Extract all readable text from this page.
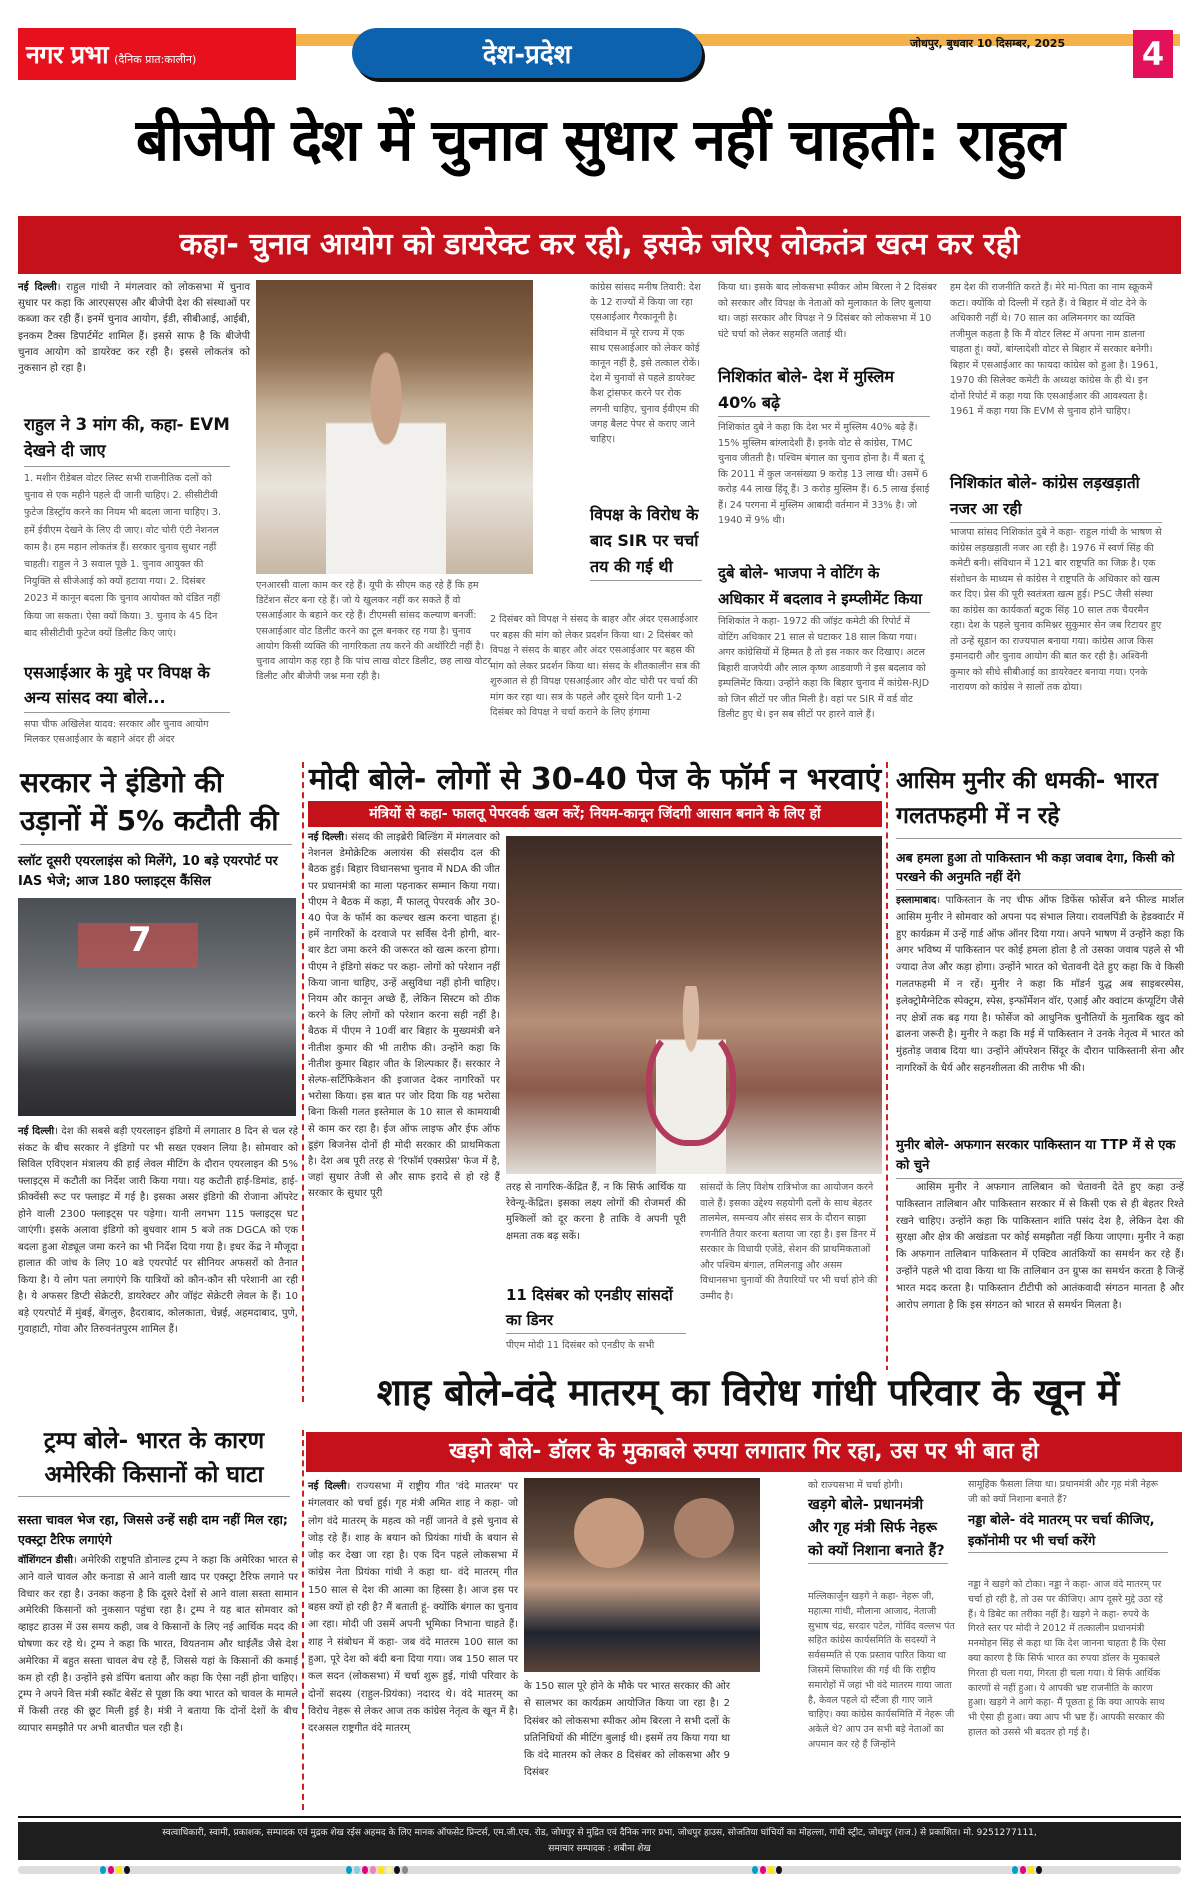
नगर प्रभा (दैनिक प्रात:कालीन)	देश-प्रदेश	जोधपुर, बुधवार 10 दिसम्बर, 2025 4
बीजेपी देश में चुनाव सुधार नहीं चाहती: राहुल
कहा- चुनाव आयोग को डायरेक्ट कर रही, इसके जरिए लोकतंत्र खत्म कर रही
नई दिल्ली। राहुल गांधी ने मंगलवार को लोकसभा में चुनाव सुधार पर कहा कि आरएसएस और बीजेपी देश की संस्थाओं पर कब्जा कर रही हैं। इनमें चुनाव आयोग, ईडी, सीबीआई, आईबी, इनकम टैक्स डिपार्टमेंट शामिल हैं। इससे साफ है कि बीजेपी चुनाव आयोग को डायरेक्ट कर रही है। इससे लोकतंत्र को नुकसान हो रहा है।
राहुल ने 3 मांग की, कहा- EVM देखने दी जाए
1. मशीन रीडेबल वोटर लिस्ट सभी राजनीतिक दलों को चुनाव से एक महीने पहले दी जानी चाहिए। 2. सीसीटीवी फुटेज डिस्ट्रॉय करने का नियम भी बदला जाना चाहिए। 3. हमें ईवीएम देखने के लिए दी जाए। वोट चोरी एंटी नेशनल काम है। हम महान लोकतंत्र हैं। सरकार चुनाव सुधार नहीं चाहती। राहुल ने 3 सवाल पूछे 1. चुनाव आयुक्त की नियुक्ति से सीजेआई को क्यों हटाया गया। 2. दिसंबर 2023 में कानून बदला कि चुनाव आयोक्त को दंडित नहीं किया जा सकता। ऐसा क्यों किया। 3. चुनाव के 45 दिन बाद सीसीटीवी फुटेज क्यों डिलीट किए जाएं।
एसआईआर के मुद्दे पर विपक्ष के अन्य सांसद क्या बोले...
सपा चीफ अखिलेश यादव: सरकार और चुनाव आयोग मिलकर एसआईआर के बहाने अंदर ही अंदर
एनआरसी वाला काम कर रहे हैं। यूपी के सीएम कह रहे हैं कि हम डिटेंशन सेंटर बना रहे हैं। जो ये खुलकर नहीं कर सकते हैं वो एसआईआर के बहाने कर रहे हैं। टीएमसी सांसद कल्याण बनर्जी: एसआईआर वोट डिलीट करने का टूल बनकर रह गया है। चुनाव आयोग किसी व्यक्ति की नागरिकता तय करने की अथॉरिटी नहीं है। चुनाव आयोग कह रहा है कि पांच लाख वोटर डिलीट, छह लाख वोटर डिलीट और बीजेपी जश्न मना रही है।
कांग्रेस सांसद मनीष तिवारी: देश के 12 राज्यों में किया जा रहा एसआईआर गैरकानूनी है। संविधान में पूरे राज्य में एक साथ एसआईआर को लेकर कोई कानून नहीं है, इसे तत्काल रोकें। देश में चुनावों से पहले डायरेक्ट कैश ट्रांसफर करने पर रोक लगनी चाहिए, चुनाव ईवीएम की जगह बैलट पेपर से कराए जाने चाहिए।
विपक्ष के विरोध के बाद SIR पर चर्चा तय की गई थी
2 दिसंबर को विपक्ष ने संसद के बाहर और अंदर एसआईआर पर बहस की मांग को लेकर प्रदर्शन किया था। 2 दिसंबर को विपक्ष ने संसद के बाहर और अंदर एसआईआर पर बहस की मांग को लेकर प्रदर्शन किया था। संसद के शीतकालीन सत्र की शुरुआत से ही विपक्ष एसआईआर और वोट चोरी पर चर्चा की मांग कर रहा था। सत्र के पहले और दूसरे दिन यानी 1-2 दिसंबर को विपक्ष ने चर्चा कराने के लिए हंगामा
किया था। इसके बाद लोकसभा स्पीकर ओम बिरला ने 2 दिसंबर को सरकार और विपक्ष के नेताओं को मुलाकात के लिए बुलाया था। जहां सरकार और विपक्ष ने 9 दिसंबर को लोकसभा में 10 घंटे चर्चा को लेकर सहमति जताई थी।
निशिकांत बोले- देश में मुस्लिम 40% बढ़े
निशिकांत दुबे ने कहा कि देश भर में मुस्लिम 40% बढ़े हैं। 15% मुस्लिम बांग्लादेशी हैं। इनके वोट से कांग्रेस, TMC चुनाव जीतती है। पश्चिम बंगाल का चुनाव होना है। मैं बता दूं कि 2011 में कुल जनसंख्या 9 करोड़ 13 लाख थी। उसमें 6 करोड़ 44 लाख हिंदू हैं। 3 करोड़ मुस्लिम हैं। 6.5 लाख ईसाई हैं। 24 परगना में मुस्लिम आबादी वर्तमान में 33% है। जो 1940 में 9% थी।
दुबे बोले- भाजपा ने वोटिंग के अधिकार में बदलाव ने इम्प्लीमेंट किया
निशिकांत ने कहा- 1972 की जॉइंट कमेटी की रिपोर्ट में वोटिंग अधिकार 21 साल से घटाकर 18 साल किया गया। अगर कांग्रेसियों में हिम्मत है तो इस नकार कर दिखाए। अटल बिहारी वाजपेयी और लाल कृष्ण आडवाणी ने इस बदलाव को इम्पलिमेंट किया। उन्होंने कहा कि बिहार चुनाव में कांग्रेस-RJD को जिन सीटों पर जीत मिली है। वहां पर SIR में वर्ड वोट डिलीट हुए थे। इन सब सीटों पर हारने वाले हैं।
हम देश की राजनीति करते हैं। मेरे मां-पिता का नाम स्क्रूकमें कटा। क्योंकि वो दिल्ली में रहते हैं। वे बिहार में वोट देने के अधिकारी नहीं थे। 70 साल का अलिमनगर का व्यक्ति तजीमुल कहता है कि मैं वोटर लिस्ट में अपना नाम डालना चाहता हूं। क्यों, बांग्लादेशी वोटर से बिहार में सरकार बनेगी। बिहार में एसआईआर का फायदा कांग्रेस को हुआ है। 1961, 1970 की सिलेक्ट कमेटी के अध्यक्ष कांग्रेस के ही थे। इन दोनों रिपोर्ट में कहा गया कि एसआईआर की आवश्यता है। 1961 में कहा गया कि EVM से चुनाव होने चाहिए।
निशिकांत बोले- कांग्रेस लड़खड़ाती नजर आ रही
भाजपा सांसद निशिकांत दुबे ने कहा- राहुल गांधी के भाषण से कांग्रेस लड़खड़ाती नजर आ रही है। 1976 में स्वर्ण सिंह की कमेटी बनी। संविधान में 121 बार राष्ट्रपति का जिक्र है। एक संशोधन के माध्यम से कांग्रेस ने राष्ट्रपति के अधिकार को खत्म कर दिए। प्रेस की पूरी स्वतंत्रता खत्म हुई। PSC जैसी संस्था का कांग्रेस का कार्यकर्ता बटुक सिंह 10 साल तक चैयरमैन रहा। देश के पहले चुनाव कमिश्नर सुकुमार सेन जब रिटायर हुए तो उन्हें सूडान का राज्यपाल बनाया गया। कांग्रेस आज किस इमानदारी और चुनाव आयोग की बात कर रही है। अश्विनी कुमार को सीधे सीबीआई का डायरेक्टर बनाया गया। एनके नारायण को कांग्रेस ने सालों तक ढोया।
सरकार ने इंडिगो की उड़ानों में 5% कटौती की
स्लॉट दूसरी एयरलाइंस को मिलेंगे, 10 बड़े एयरपोर्ट पर IAS भेजे; आज 180 फ्लाइट्स कैंसिल
7
नई दिल्ली। देश की सबसे बड़ी एयरलाइन इंडिगो में लगातार 8 दिन से चल रहे संकट के बीच सरकार ने इंडिगो पर भी सख्त एक्शन लिया है। सोमवार को सिविल एविएशन मंत्रालय की हाई लेवल मीटिंग के दौरान एयरलाइन की 5% फ्लाइट्स में कटौती का निर्देश जारी किया गया। यह कटौती हाई-डिमांड, हाई-फ्रीक्वेंसी रूट पर फ्लाइट में गई है। इसका असर इंडिगो की रोजाना ऑपरेट होने वाली 2300 फ्लाइट्स पर पड़ेगा। यानी लगभग 115 फ्लाइट्स घट जाएंगी। इसके अलावा इंडिगो को बुधवार शाम 5 बजे तक DGCA को एक बदला हुआ शेड्यूल जमा करने का भी निर्देश दिया गया है। इधर केंद्र ने मौजूदा हालात की जांच के लिए 10 बडे एयरपोर्ट पर सीनियर अफसरों को तैनात किया है। ये लोग पता लगाएंगे कि यात्रियों को कौन-कौन सी परेशानी आ रही है। ये अफसर डिप्टी सेक्रेटरी, डायरेक्टर और जॉइंट सेक्रेटरी लेवल के हैं। 10 बड़े एयरपोर्ट में मुंबई, बेंगलुरु, हैदराबाद, कोलकाता, चेन्नई, अहमदाबाद, पुणे, गुवाहाटी, गोवा और तिरुवनंतपुरम शामिल हैं।
मोदी बोले- लोगों से 30-40 पेज के फॉर्म न भरवाएं
मंत्रियों से कहा- फालतू पेपरवर्क खत्म करें; नियम-कानून जिंदगी आसान बनाने के लिए हों
नई दिल्ली। संसद की लाइब्रेरी बिल्डिंग में मंगलवार को नेशनल डेमोक्रेटिक अलायंस की संसदीय दल की बैठक हुई। बिहार विधानसभा चुनाव में NDA की जीत पर प्रधानमंत्री का माला पहनाकर सम्मान किया गया। पीएम ने बैठक में कहा, मैं फालतू पेपरवर्क और 30-40 पेज के फॉर्म का कल्चर खत्म करना चाहता हूं। हमें नागरिकों के दरवाजे पर सर्विस देनी होगी, बार-बार डेटा जमा करने की जरूरत को खत्म करना होगा। पीएम ने इंडिगो संकट पर कहा- लोगों को परेशान नहीं किया जाना चाहिए, उन्हें असुविधा नहीं होनी चाहिए। नियम और कानून अच्छे हैं, लेकिन सिस्टम को ठीक करने के लिए लोगों को परेशान करना सही नहीं है। बैठक में पीएम ने 10वीं बार बिहार के मुख्यमंत्री बने नीतीश कुमार की भी तारीफ की। उन्होंने कहा कि नीतीश कुमार बिहार जीत के शिल्पकार हैं। सरकार ने सेल्फ-सर्टिफिकेशन की इजाजत देकर नागरिकों पर भरोसा किया। इस बात पर जोर दिया कि यह भरोसा बिना किसी गलत इस्तेमाल के 10 साल से कामयाबी से काम कर रहा है। ईज ऑफ लाइफ और ईफ ऑफ डूइंग बिजनेस दोनों ही मोदी सरकार की प्राथमिकता है। देश अब पूरी तरह से 'रिफॉर्म एक्सप्रेस' फेज में है, जहां सुधार तेजी से और साफ इरादे से हो रहे हैं सरकार के सुधार पूरी
तरह से नागरिक-केंद्रित हैं, न कि सिर्फ आर्थिक या रेवेन्यू-केंद्रित। इसका लक्ष्य लोगों की रोजमर्रा की मुश्किलों को दूर करना है ताकि वे अपनी पूरी क्षमता तक बढ़ सकें।
11 दिसंबर को एनडीए सांसदों का डिनर
पीएम मोदी 11 दिसंबर को एनडीए के सभी
सांसदों के लिए विशेष रात्रिभोज का आयोजन करने वाले हैं। इसका उद्देश्य सहयोगी दलों के साथ बेहतर तालमेल, समन्वय और संसद सत्र के दौरान साझा रणनीति तैयार करना बताया जा रहा है। इस डिनर में सरकार के विधायी एजेंडे, सेशन की प्राथमिकताओं और पश्चिम बंगाल, तमिलनाडु और असम विधानसभा चुनावों की तैयारियों पर भी चर्चा होने की उम्मीद है।
आसिम मुनीर की धमकी- भारत गलतफहमी में न रहे
अब हमला हुआ तो पाकिस्तान भी कड़ा जवाब देगा, किसी को परखने की अनुमति नहीं देंगे
इस्लामाबाद। पाकिस्तान के नए चीफ ऑफ डिफेंस फोर्सेज बने फील्ड मार्शल आसिम मुनीर ने सोमवार को अपना पद संभाल लिया। रावलपिंडी के हेडक्वार्टर में हुए कार्यक्रम में उन्हें गार्ड ऑफ ऑनर दिया गया। अपने भाषण में उन्होंने कहा कि अगर भविष्य में पाकिस्तान पर कोई हमला होता है तो उसका जवाब पहले से भी ज्यादा तेज और कड़ा होगा। उन्होंने भारत को चेतावनी देते हुए कहा कि वे किसी गलतफहमी में न रहें। मुनीर ने कहा कि मॉडर्न युद्ध अब साइबरस्पेस, इलेक्ट्रोमैग्नेटिक स्पेक्ट्रम, स्पेस, इन्फॉर्मेशन वॉर, एआई और क्वांटम कंप्यूटिंग जैसे नए क्षेत्रों तक बढ़ गया है। फोर्सेज को आधुनिक चुनौतियों के मुताबिक खुद को ढालना जरूरी है। मुनीर ने कहा कि मई में पाकिस्तान ने उनके नेतृत्व में भारत को मुंहतोड़ जवाब दिया था। उन्होंने ऑपरेशन सिंदूर के दौरान पाकिस्तानी सेना और नागरिकों के धैर्य और सहनशीलता की तारीफ भी की।
मुनीर बोले- अफगान सरकार पाकिस्तान या TTP में से एक को चुने
आसिम मुनीर ने अफगान तालिबान को चेतावनी देते हुए कहा उन्हें पाकिस्तान तालिबान और पाकिस्तान सरकार में से किसी एक से ही बेहतर रिश्ते रखने चाहिए। उन्होंने कहा कि पाकिस्तान शांति पसंद देश है, लेकिन देश की सुरक्षा और क्षेत्र की अखंडता पर कोई समझौता नहीं किया जाएगा। मुनीर ने कहा कि अफगान तालिबान पाकिस्तान में एक्टिव आतंकियों का समर्थन कर रहे हैं। उन्होंने पहले भी दावा किया था कि तालिबान उन ग्रुप्स का समर्थन करता है जिन्हें भारत मदद करता है। पाकिस्तान टीटीपी को आतंकवादी संगठन मानता है और आरोप लगाता है कि इस संगठन को भारत से समर्थन मिलता है।
शाह बोले-वंदे मातरम् का विरोध गांधी परिवार के खून में
ट्रम्प बोले- भारत के कारण अमेरिकी किसानों को घाटा
सस्ता चावल भेज रहा, जिससे उन्हें सही दाम नहीं मिल रहा; एक्स्ट्रा टैरिफ लगाएंगे
वॉशिंगटन डीसी। अमेरिकी राष्ट्रपति डोनाल्ड ट्रम्प ने कहा कि अमेरिका भारत से आने वाले चावल और कनाडा से आने वाली खाद पर एक्स्ट्रा टैरिफ लगाने पर विचार कर रहा है। उनका कहना है कि दूसरे देशों से आने वाला सस्ता सामान अमेरिकी किसानों को नुकसान पहुंचा रहा है। ट्रम्प ने यह बात सोमवार को व्हाइट हाउस में उस समय कही, जब वे किसानों के लिए नई आर्थिक मदद की घोषणा कर रहे थे। ट्रम्प ने कहा कि भारत, वियतनाम और थाईलैंड जैसे देश अमेरिका में बहुत सस्ता चावल बेच रहे हैं, जिससे यहां के किसानों की कमाई कम हो रही है। उन्होंने इसे डंपिंग बताया और कहा कि ऐसा नहीं होना चाहिए। ट्रम्प ने अपने वित्त मंत्री स्कॉट बेसेंट से पूछा कि क्या भारत को चावल के मामले में किसी तरह की छूट मिली हुई है। मंत्री ने बताया कि दोनों देशों के बीच व्यापार समझौते पर अभी बातचीत चल रही है।
खड़गे बोले- डॉलर के मुकाबले रुपया लगातार गिर रहा, उस पर भी बात हो
नई दिल्ली। राज्यसभा में राष्ट्रीय गीत 'वंदे मातरम' पर मंगलवार को चर्चा हुई। गृह मंत्री अमित शाह ने कहा- जो लोग वंदे मातरम् के महत्व को नहीं जानते वे इसे चुनाव से जोड़ रहे हैं। शाह के बयान को प्रियंका गांधी के बयान से जोड़ कर देखा जा रहा है। एक दिन पहले लोकसभा में कांग्रेस नेता प्रियंका गांधी ने कहा था- वंदे मातरम् गीत 150 साल से देश की आत्मा का हिस्सा है। आज इस पर बहस क्यों हो रही है? मैं बताती हूं- क्योंकि बंगाल का चुनाव आ रहा। मोदी जी उसमें अपनी भूमिका निभाना चाहते हैं। शाह ने संबोधन में कहा- जब वंदे मातरम 100 साल का हुआ, पूरे देश को बंदी बना दिया गया। जब 150 साल पर कल सदन (लोकसभा) में चर्चा शुरू हुई, गांधी परिवार के दोनों सदस्य (राहुल-प्रियंका) नदारद थे। वंदे मातरम् का विरोध नेहरू से लेकर आज तक कांग्रेस नेतृत्व के खून में है। दरअसल राष्ट्रगीत वंदे मातरम्
के 150 साल पूरे होने के मौके पर भारत सरकार की ओर से सालभर का कार्यक्रम आयोजित किया जा रहा है। 2 दिसंबर को लोकसभा स्पीकर ओम बिरला ने सभी दलों के प्रतिनिधियों की मीटिंग बुलाई थी। इसमें तय किया गया था कि वंदे मातरम को लेकर 8 दिसंबर को लोकसभा और 9 दिसंबर
को राज्यसभा में चर्चा होगी।
खड़गे बोले- प्रधानमंत्री और गृह मंत्री सिर्फ नेहरू को क्यों निशाना बनाते हैं?
मल्लिकार्जुन खड़गे ने कहा- नेहरू जी, महात्मा गांधी, मौलाना आजाद, नेताजी सुभाष चंद्र, सरदार पटेल, गोविंद वल्लभ पंत सहित कांग्रेस कार्यसमिति के सदस्यों ने सर्वसम्मति से एक प्रस्ताव पारित किया था जिसमें सिफारिश की गई थी कि राष्ट्रीय समारोहों में जहां भी वंदे मातरम गाया जाता है, केवल पहले दो स्टैंजा ही गाए जाने चाहिए। क्या कांग्रेस कार्यसमिति में नेहरू जी अकेले थे? आप उन सभी बड़े नेताओं का अपमान कर रहे हैं जिन्होंने
सामूहिक फैसला लिया था। प्रधानमंत्री और गृह मंत्री नेहरू जी को क्यों निशाना बनाते हैं?
नड्डा बोले- वंदे मातरम् पर चर्चा कीजिए, इकॉनोमी पर भी चर्चा करेंगे
नड्डा ने खड़गे को टोका। नड्डा ने कहा- आज वंदे मातरम् पर चर्चा हो रही है, तो उस पर कीजिए। आप दूसरे मुद्दे उठा रहे हैं। ये डिबेट का तरीका नहीं है। खड़गे ने कहा- रुपये के गिरते स्तर पर मोदी ने 2012 में तत्कालीन प्रधानमंत्री मनमोहन सिंह से कहा था कि देश जानना चाहता है कि ऐसा क्या कारण है कि सिर्फ भारत का रुपया डॉलर के मुकाबले गिरता ही चला गया, गिरता ही चला गया। ये सिर्फ आर्थिक कारणों से नहीं हुआ। ये आपकी भ्रष्ट राजनीति के कारण हुआ। खड़गे ने आगे कहा- मैं पूछता हूं कि क्या आपके साथ भी ऐसा ही हुआ। क्या आप भी भ्रष्ट हैं। आपकी सरकार की हालत को उससे भी बदतर हो गई है।
स्वत्वाधिकारी, स्वामी, प्रकाशक, सम्पादक एवं मुद्रक शेख रईस अहमद के लिए मानक ऑफसेट प्रिन्टर्स, एम.जी.एच. रोड, जोधपुर से मुद्रित एवं दैनिक नगर प्रभा, जोधपुर हाउस, सोजतिया घांचियों का मोहल्ला, गांधी स्ट्रीट, जोधपुर (राज.) से प्रकाशित। मो. 9251277111,
समाचार सम्पादक : शबीना शेख
